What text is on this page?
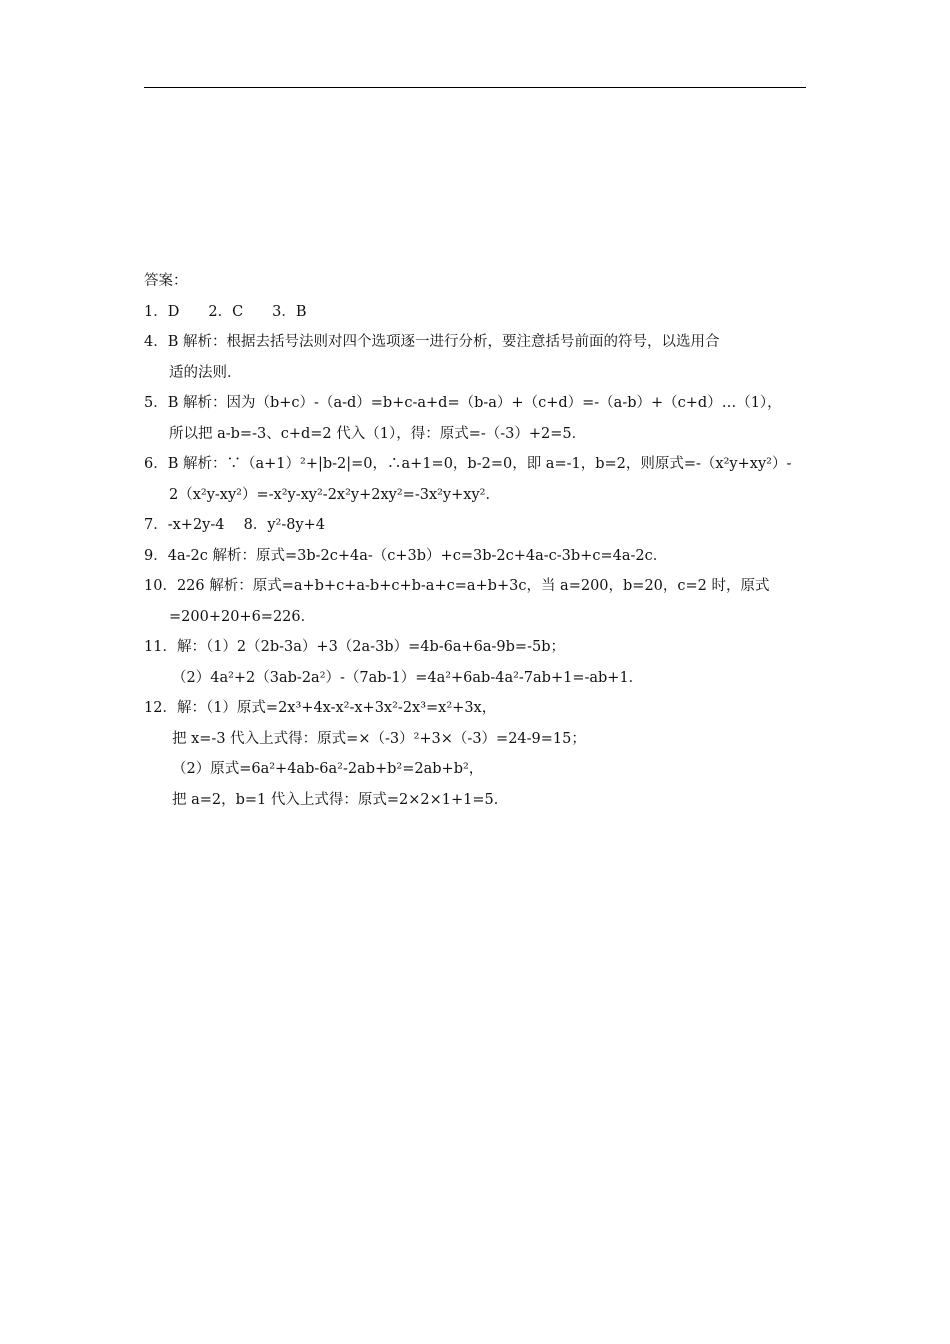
答案：
1．D　　2．C　　3．B
4．B 解析：根据去括号法则对四个选项逐一进行分析，要注意括号前面的符号，以选用合
适的法则．
5．B 解析：因为（b+c）-（a-d）=b+c-a+d=（b-a）+（c+d）=-（a-b）+（c+d）…（1），
所以把 a-b=-3、c+d=2 代入（1），得：原式=-（-3）+2=5．
6．B 解析：∵（a+1）²+|b-2|=0，∴a+1=0，b-2=0，即 a=-1，b=2，则原式=-（x²y+xy²）-
2（x²y-xy²）=-x²y-xy²-2x²y+2xy²=-3x²y+xy²．
7．-x+2y-4　 8．y²-8y+4
9．4a-2c 解析：原式=3b-2c+4a-（c+3b）+c=3b-2c+4a-c-3b+c=4a-2c．
10．226 解析：原式=a+b+c+a-b+c+b-a+c=a+b+3c，当 a=200，b=20，c=2 时，原式
=200+20+6=226．
11．解：（1）2（2b-3a）+3（2a-3b）=4b-6a+6a-9b=-5b；
（2）4a²+2（3ab-2a²）-（7ab-1）=4a²+6ab-4a²-7ab+1=-ab+1．
12．解：（1）原式=2x³+4x-x²-x+3x²-2x³=x²+3x，
把 x=-3 代入上式得：原式=×（-3）²+3×（-3）=24-9=15；
（2）原式=6a²+4ab-6a²-2ab+b²=2ab+b²，
把 a=2，b=1 代入上式得：原式=2×2×1+1=5．
